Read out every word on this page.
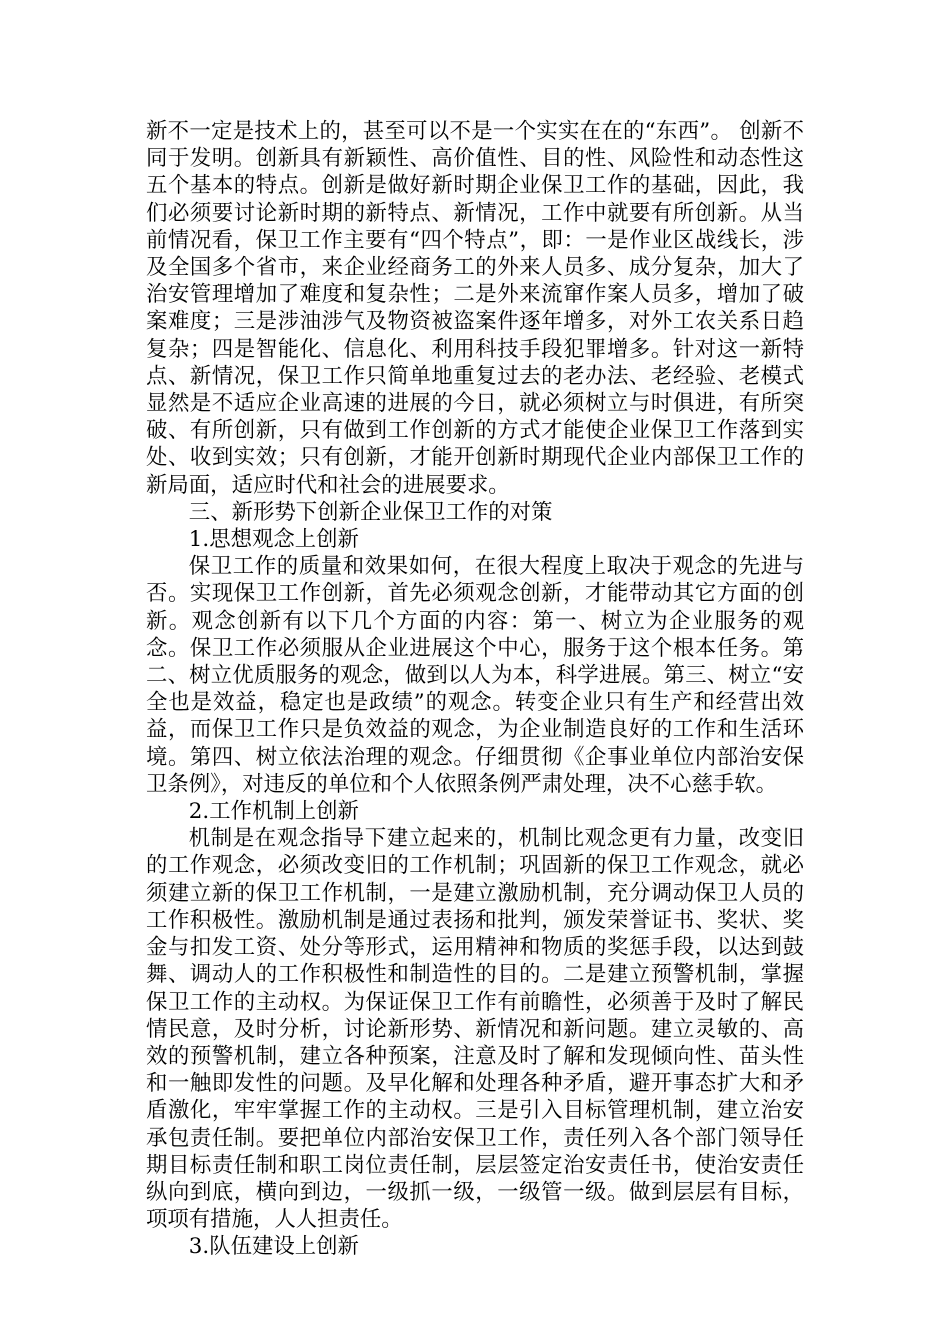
新不一定是技术上的，甚至可以不是一个实实在在的“东西”。 创新不同于发明。创新具有新颖性、高价值性、目的性、风险性和动态性这五个基本的特点。创新是做好新时期企业保卫工作的基础，因此，我们必须要讨论新时期的新特点、新情况，工作中就要有所创新。从当前情况看，保卫工作主要有“四个特点”，即：一是作业区战线长，涉及全国多个省市，来企业经商务工的外来人员多、成分复杂，加大了治安管理增加了难度和复杂性；二是外来流窜作案人员多，增加了破案难度；三是涉油涉气及物资被盗案件逐年增多，对外工农关系日趋复杂；四是智能化、信息化、利用科技手段犯罪增多。针对这一新特点、新情况，保卫工作只简单地重复过去的老办法、老经验、老模式显然是不适应企业高速的进展的今日，就必须树立与时俱进，有所突破、有所创新，只有做到工作创新的方式才能使企业保卫工作落到实处、收到实效；只有创新，才能开创新时期现代企业内部保卫工作的新局面，适应时代和社会的进展要求。

三、新形势下创新企业保卫工作的对策
1.思想观念上创新

保卫工作的质量和效果如何，在很大程度上取决于观念的先进与否。实现保卫工作创新，首先必须观念创新，才能带动其它方面的创新。观念创新有以下几个方面的内容：第一、树立为企业服务的观念。保卫工作必须服从企业进展这个中心，服务于这个根本任务。第二、树立优质服务的观念，做到以人为本，科学进展。第三、树立“安全也是效益，稳定也是政绩”的观念。转变企业只有生产和经营出效益，而保卫工作只是负效益的观念，为企业制造良好的工作和生活环境。第四、树立依法治理的观念。仔细贯彻《企事业单位内部治安保卫条例》，对违反的单位和个人依照条例严肃处理，决不心慈手软。

2.工作机制上创新

机制是在观念指导下建立起来的，机制比观念更有力量，改变旧的工作观念，必须改变旧的工作机制；巩固新的保卫工作观念，就必须建立新的保卫工作机制，一是建立激励机制，充分调动保卫人员的工作积极性。激励机制是通过表扬和批判，颁发荣誉证书、奖状、奖金与扣发工资、处分等形式，运用精神和物质的奖惩手段，以达到鼓舞、调动人的工作积极性和制造性的目的。二是建立预警机制，掌握保卫工作的主动权。为保证保卫工作有前瞻性，必须善于及时了解民情民意，及时分析，讨论新形势、新情况和新问题。建立灵敏的、高效的预警机制，建立各种预案，注意及时了解和发现倾向性、苗头性和一触即发性的问题。及早化解和处理各种矛盾，避开事态扩大和矛盾激化，牢牢掌握工作的主动权。三是引入目标管理机制，建立治安承包责任制。要把单位内部治安保卫工作，责任列入各个部门领导任期目标责任制和职工岗位责任制，层层签定治安责任书，使治安责任纵向到底，横向到边，一级抓一级，一级管一级。做到层层有目标，项项有措施，人人担责任。

3.队伍建设上创新
